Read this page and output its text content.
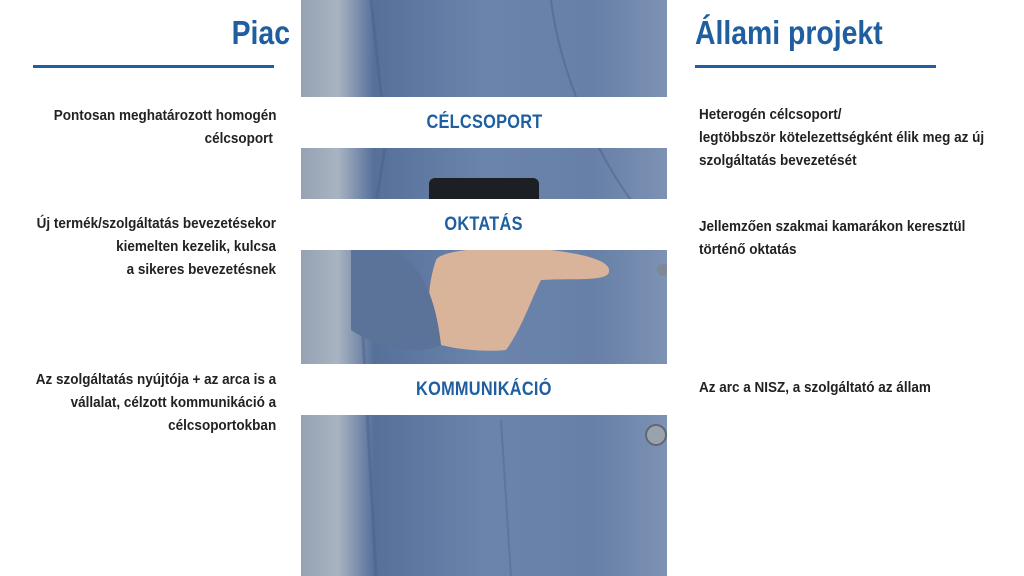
CÉLCSOPORT
OKTATÁS
KOMMUNIKÁCIÓ
Piac	Állami projekt
Pontosan meghatározott homogén
célcsoport
Új termék/szolgáltatás bevezetésekor
kiemelten kezelik, kulcsa
a sikeres bevezetésnek
Az szolgáltatás nyújtója + az arca is a
vállalat, célzott kommunikáció a
célcsoportokban
Heterogén célcsoport/
legtöbbször kötelezettségként élik meg az új
szolgáltatás bevezetését
Jellemzően szakmai kamarákon keresztül
történő oktatás
Az arc a NISZ, a szolgáltató az állam
